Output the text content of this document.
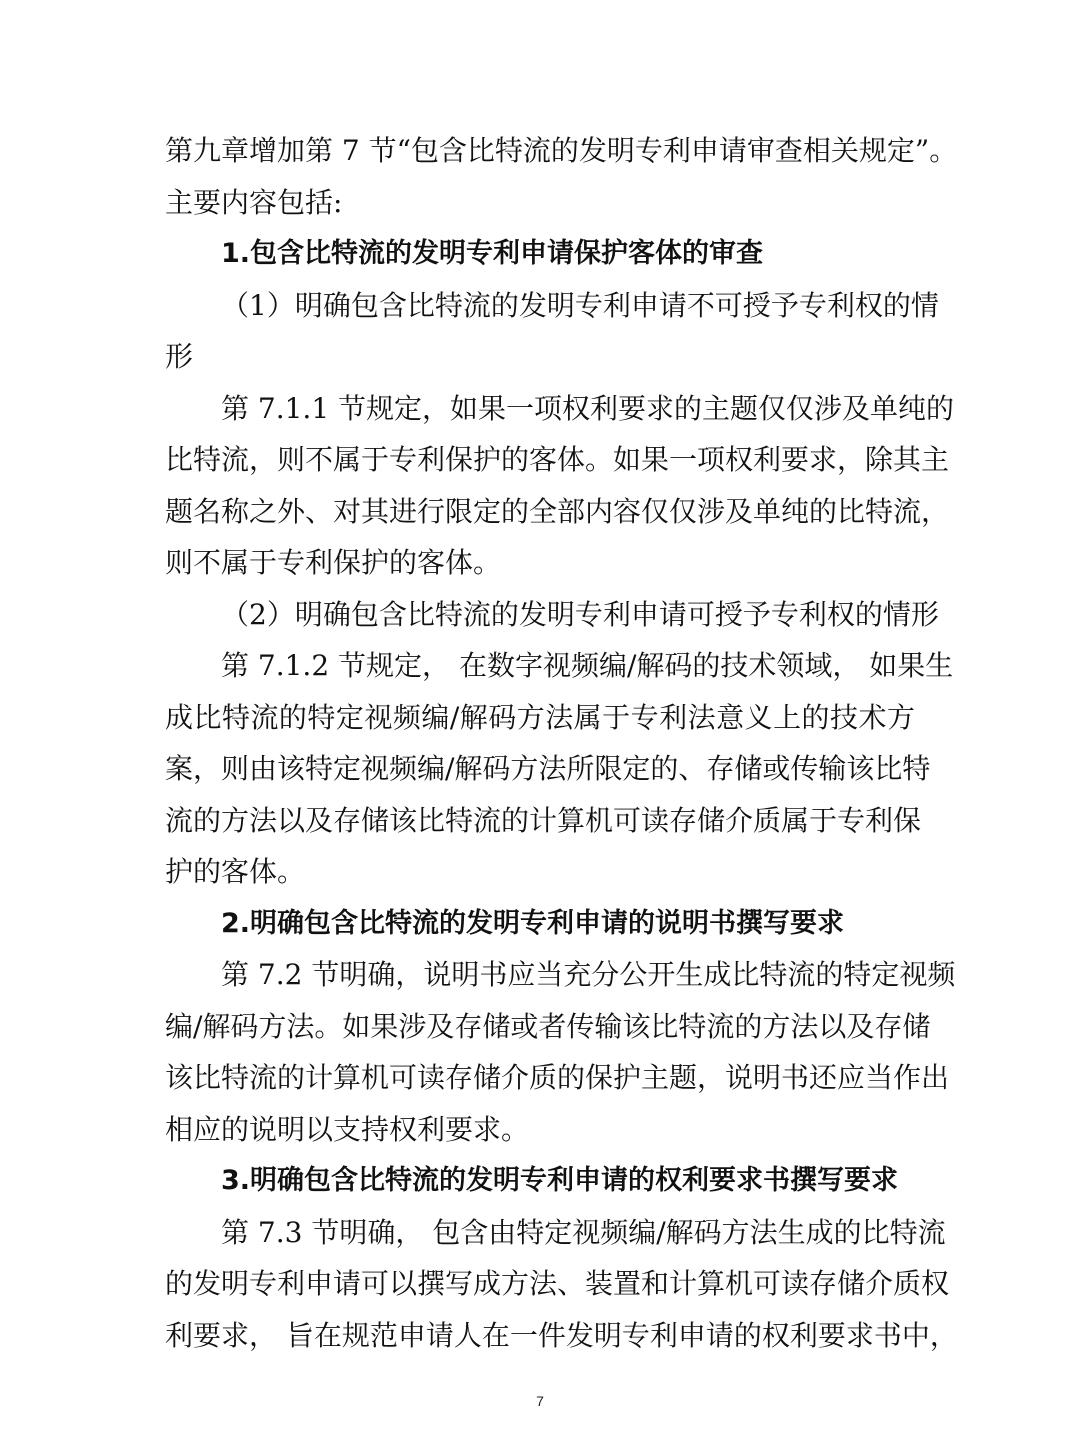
第九章增加第 7 节“包含比特流的发明专利申请审查相关规定”。
主要内容包括:
1.包含比特流的发明专利申请保护客体的审查
（1）明确包含比特流的发明专利申请不可授予专利权的情
形
第 7.1.1 节规定，如果一项权利要求的主题仅仅涉及单纯的
比特流，则不属于专利保护的客体。如果一项权利要求，除其主
题名称之外、对其进行限定的全部内容仅仅涉及单纯的比特流，
则不属于专利保护的客体。
（2）明确包含比特流的发明专利申请可授予专利权的情形
第 7.1.2 节规定， 在数字视频编/解码的技术领域， 如果生
成比特流的特定视频编/解码方法属于专利法意义上的技术方
案，则由该特定视频编/解码方法所限定的、存储或传输该比特
流的方法以及存储该比特流的计算机可读存储介质属于专利保
护的客体。
2.明确包含比特流的发明专利申请的说明书撰写要求
第 7.2 节明确，说明书应当充分公开生成比特流的特定视频
编/解码方法。如果涉及存储或者传输该比特流的方法以及存储
该比特流的计算机可读存储介质的保护主题，说明书还应当作出
相应的说明以支持权利要求。
3.明确包含比特流的发明专利申请的权利要求书撰写要求
第 7.3 节明确， 包含由特定视频编/解码方法生成的比特流
的发明专利申请可以撰写成方法、装置和计算机可读存储介质权
利要求， 旨在规范申请人在一件发明专利申请的权利要求书中，
7
